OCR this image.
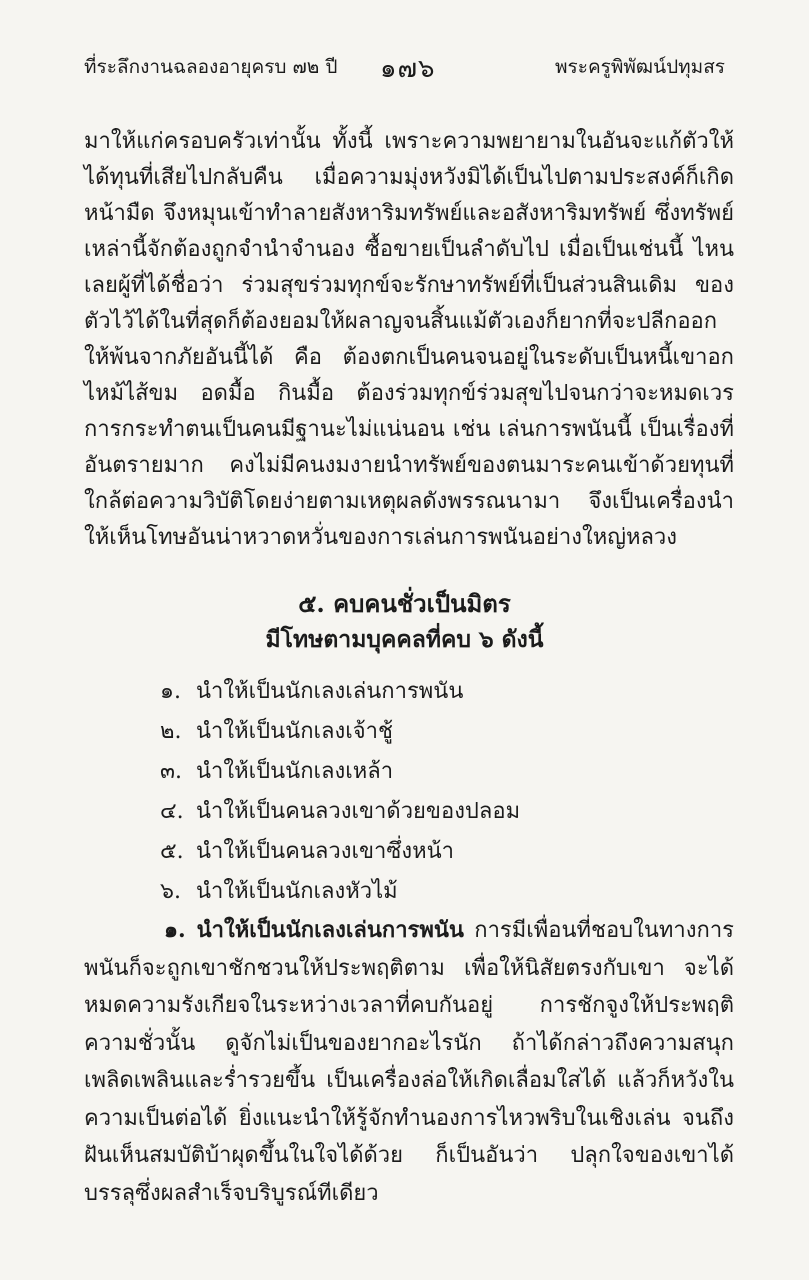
ที่ระลึกงานฉลองอายุครบ ๗๒ ปี ๑๗๖	พระครูพิพัฒน์ปทุมสร

มาให้แก่ครอบครัวเท่านั้น ทั้งนี้ เพราะความพยายามในอันจะแก้ตัวให้ได้ทุนที่เสียไปกลับคืน เมื่อความมุ่งหวังมิได้เป็นไปตามประสงค์ก็เกิดหน้ามืด จึงหมุนเข้าทำลายสังหาริมทรัพย์และอสังหาริมทรัพย์ ซึ่งทรัพย์เหล่านี้จักต้องถูกจำนำจำนอง ซื้อขายเป็นลำดับไป เมื่อเป็นเช่นนี้ ไหนเลยผู้ที่ได้ชื่อว่า ร่วมสุขร่วมทุกข์จะรักษาทรัพย์ที่เป็นส่วนสินเดิม ของตัวไว้ได้ในที่สุดก็ต้องยอมให้ผลาญจนสิ้นแม้ตัวเองก็ยากที่จะปลีกออกให้พ้นจากภัยอันนี้ได้ คือ ต้องตกเป็นคนจนอยู่ในระดับเป็นหนี้เขาอกไหม้ไส้ขม อดมื้อ กินมื้อ ต้องร่วมทุกข์ร่วมสุขไปจนกว่าจะหมดเวร การกระทำตนเป็นคนมีฐานะไม่แน่นอน เช่น เล่นการพนันนี้ เป็นเรื่องที่อันตรายมาก คงไม่มีคนงมงายนำทรัพย์ของตนมาระคนเข้าด้วยทุนที่ใกล้ต่อความวิบัติโดยง่ายตามเหตุผลดังพรรณนามา จึงเป็นเครื่องนำให้เห็นโทษอันน่าหวาดหวั่นของการเล่นการพนันอย่างใหญ่หลวง

๕. คบคนชั่วเป็นมิตร
มีโทษตามบุคคลที่คบ ๖ ดังนี้
๑. นำให้เป็นนักเลงเล่นการพนัน
๒. นำให้เป็นนักเลงเจ้าชู้
๓. นำให้เป็นนักเลงเหล้า
๔. นำให้เป็นคนลวงเขาด้วยของปลอม
๕. นำให้เป็นคนลวงเขาซึ่งหน้า
๖. นำให้เป็นนักเลงหัวไม้
๑. นำให้เป็นนักเลงเล่นการพนัน การมีเพื่อนที่ชอบในทางการพนันก็จะถูกเขาชักชวนให้ประพฤติตาม เพื่อให้นิสัยตรงกับเขา จะได้หมดความรังเกียจในระหว่างเวลาที่คบกันอยู่ การชักจูงให้ประพฤติความชั่วนั้น ดูจักไม่เป็นของยากอะไรนัก ถ้าได้กล่าวถึงความสนุกเพลิดเพลินและร่ำรวยขึ้น เป็นเครื่องล่อให้เกิดเลื่อมใสได้ แล้วก็หวังในความเป็นต่อได้ ยิ่งแนะนำให้รู้จักทำนองการไหวพริบในเชิงเล่น จนถึงฝันเห็นสมบัติบ้าผุดขึ้นในใจได้ด้วย ก็เป็นอันว่า ปลุกใจของเขาได้บรรลุซึ่งผลสำเร็จบริบูรณ์ทีเดียว
